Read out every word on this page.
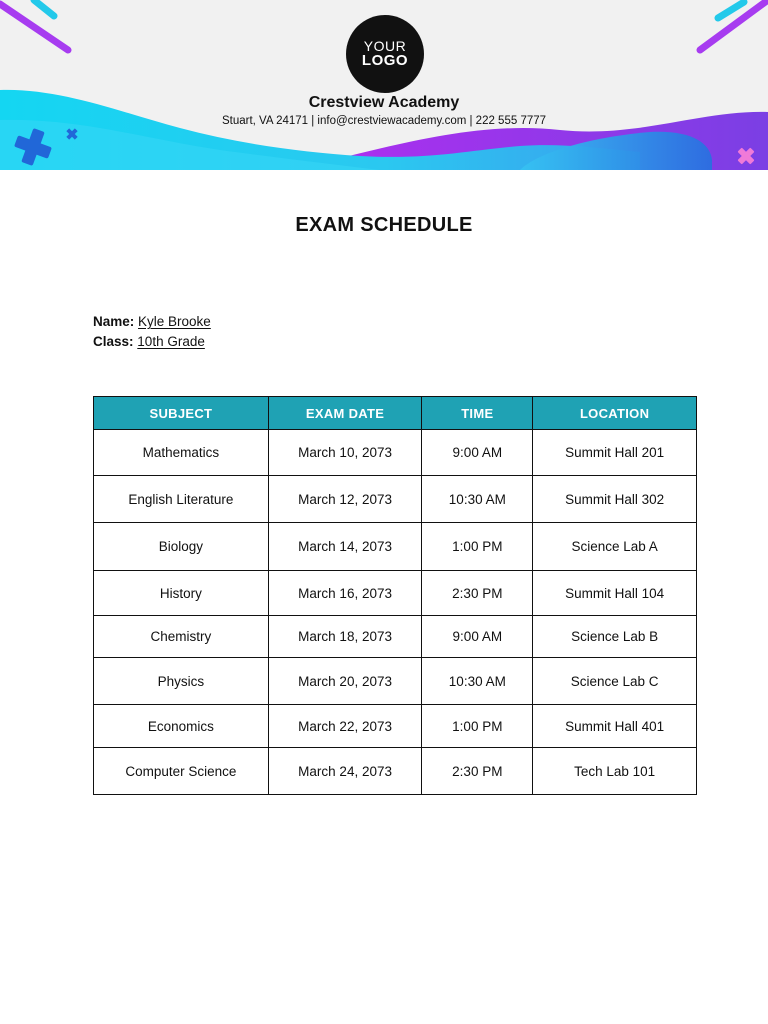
YOUR
LOGO
Crestview Academy
Stuart, VA 24171 | info@crestviewacademy.com | 222 555 7777
EXAM SCHEDULE
Name: Kyle Brooke
Class: 10th Grade
SUBJECT	EXAM DATE	TIME	LOCATION
Mathematics	March 10, 2073	9:00 AM	Summit Hall 201
English Literature	March 12, 2073	10:30 AM	Summit Hall 302
Biology	March 14, 2073	1:00 PM	Science Lab A
History	March 16, 2073	2:30 PM	Summit Hall 104
Chemistry	March 18, 2073	9:00 AM	Science Lab B
Physics	March 20, 2073	10:30 AM	Science Lab C
Economics	March 22, 2073	1:00 PM	Summit Hall 401
Computer Science	March 24, 2073	2:30 PM	Tech Lab 101
